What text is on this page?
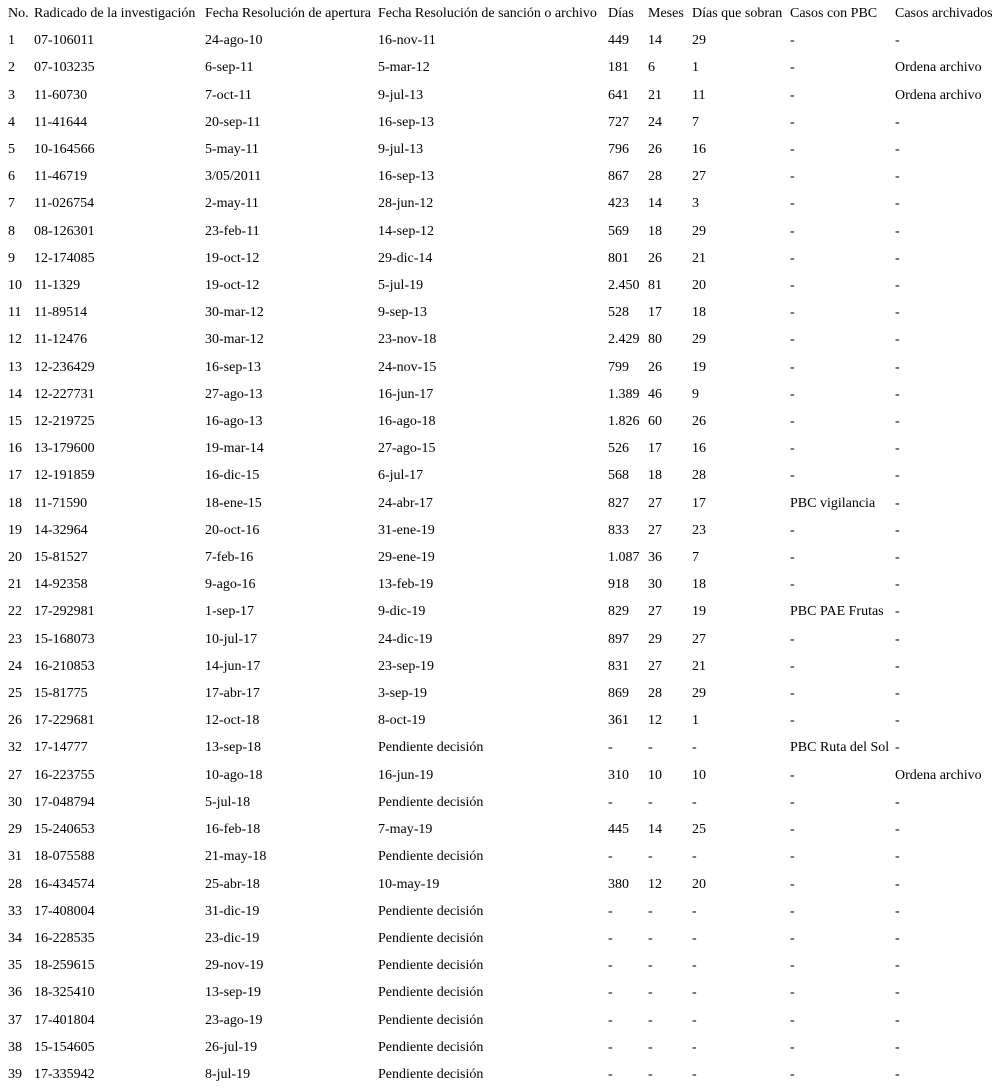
No.	Radicado de la investigación	Fecha Resolución de apertura	Fecha Resolución de sanción o archivo	Días	Meses	Días que sobran	Casos con PBC	Casos archivados
1	07-106011	24-ago-10	16-nov-11	449	14	29	-	-
2	07-103235	6-sep-11	5-mar-12	181	6	1	-	Ordena archivo
3	11-60730	7-oct-11	9-jul-13	641	21	11	-	Ordena archivo
4	11-41644	20-sep-11	16-sep-13	727	24	7	-	-
5	10-164566	5-may-11	9-jul-13	796	26	16	-	-
6	11-46719	3/05/2011	16-sep-13	867	28	27	-	-
7	11-026754	2-may-11	28-jun-12	423	14	3	-	-
8	08-126301	23-feb-11	14-sep-12	569	18	29	-	-
9	12-174085	19-oct-12	29-dic-14	801	26	21	-	-
10	11-1329	19-oct-12	5-jul-19	2.450	81	20	-	-
11	11-89514	30-mar-12	9-sep-13	528	17	18	-	-
12	11-12476	30-mar-12	23-nov-18	2.429	80	29	-	-
13	12-236429	16-sep-13	24-nov-15	799	26	19	-	-
14	12-227731	27-ago-13	16-jun-17	1.389	46	9	-	-
15	12-219725	16-ago-13	16-ago-18	1.826	60	26	-	-
16	13-179600	19-mar-14	27-ago-15	526	17	16	-	-
17	12-191859	16-dic-15	6-jul-17	568	18	28	-	-
18	11-71590	18-ene-15	24-abr-17	827	27	17	PBC vigilancia	-
19	14-32964	20-oct-16	31-ene-19	833	27	23	-	-
20	15-81527	7-feb-16	29-ene-19	1.087	36	7	-	-
21	14-92358	9-ago-16	13-feb-19	918	30	18	-	-
22	17-292981	1-sep-17	9-dic-19	829	27	19	PBC PAE Frutas	-
23	15-168073	10-jul-17	24-dic-19	897	29	27	-	-
24	16-210853	14-jun-17	23-sep-19	831	27	21	-	-
25	15-81775	17-abr-17	3-sep-19	869	28	29	-	-
26	17-229681	12-oct-18	8-oct-19	361	12	1	-	-
32	17-14777	13-sep-18	Pendiente decisión	-	-	-	PBC Ruta del Sol	-
27	16-223755	10-ago-18	16-jun-19	310	10	10	-	Ordena archivo
30	17-048794	5-jul-18	Pendiente decisión	-	-	-	-	-
29	15-240653	16-feb-18	7-may-19	445	14	25	-	-
31	18-075588	21-may-18	Pendiente decisión	-	-	-	-	-
28	16-434574	25-abr-18	10-may-19	380	12	20	-	-
33	17-408004	31-dic-19	Pendiente decisión	-	-	-	-	-
34	16-228535	23-dic-19	Pendiente decisión	-	-	-	-	-
35	18-259615	29-nov-19	Pendiente decisión	-	-	-	-	-
36	18-325410	13-sep-19	Pendiente decisión	-	-	-	-	-
37	17-401804	23-ago-19	Pendiente decisión	-	-	-	-	-
38	15-154605	26-jul-19	Pendiente decisión	-	-	-	-	-
39	17-335942	8-jul-19	Pendiente decisión	-	-	-	-	-
